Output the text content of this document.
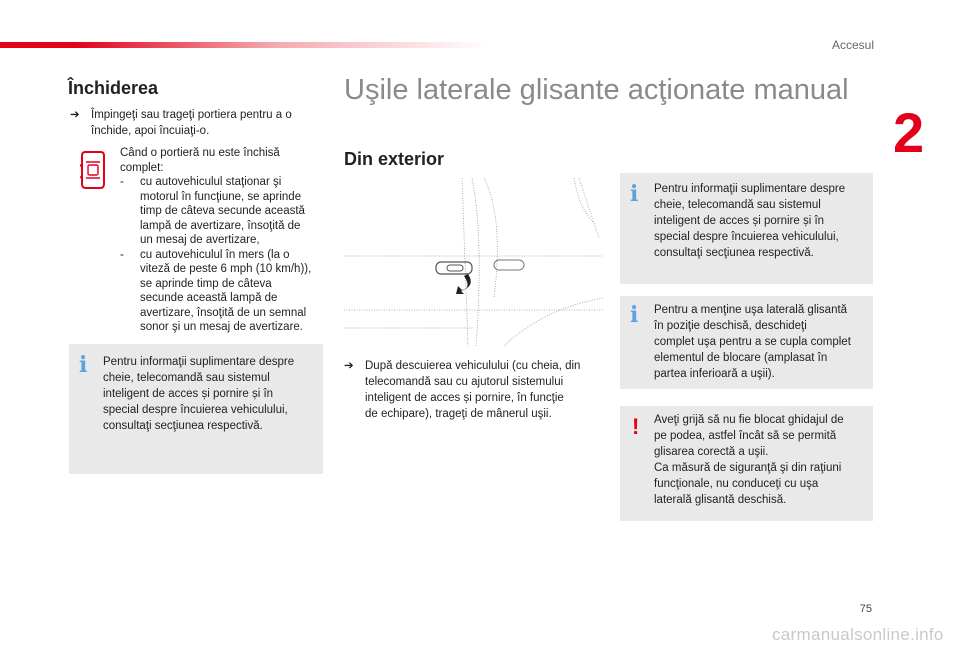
Accesul
2
Închiderea
➔ Împingeţi sau trageţi portiera pentru a o
închide, apoi încuiaţi-o.
Când o portieră nu este închisă
complet:
- cu autovehiculul staţionar şi
motorul în funcţiune, se aprinde
timp de câteva secunde această
lampă de avertizare, însoţită de
un mesaj de avertizare,
- cu autovehiculul în mers (la o
viteză de peste 6 mph (10 km/h)),
se aprinde timp de câteva
secunde această lampă de
avertizare, însoţită de un semnal
sonor şi un mesaj de avertizare.
i Pentru informaţii suplimentare despre
cheie, telecomandă sau sistemul
inteligent de acces și pornire și în
special despre încuierea vehiculului,
consultaţi secţiunea respectivă.
Uşile laterale glisante acţionate manual
Din exterior
➔ După descuierea vehiculului (cu cheia, din
telecomandă sau cu ajutorul sistemului
inteligent de acces și pornire, în funcţie
de echipare), trageţi de mânerul uşii.
i Pentru informaţii suplimentare despre
cheie, telecomandă sau sistemul
inteligent de acces și pornire și în
special despre încuierea vehiculului,
consultaţi secţiunea respectivă.
i Pentru a menţine uşa laterală glisantă
în poziţie deschisă, deschideţi
complet uşa pentru a se cupla complet
elementul de blocare (amplasat în
partea inferioară a uşii).
! Aveţi grijă să nu fie blocat ghidajul de
pe podea, astfel încât să se permită
glisarea corectă a uşii.
Ca măsură de siguranţă şi din raţiuni
funcţionale, nu conduceţi cu uşa
laterală glisantă deschisă.
75
carmanualsonline.info
